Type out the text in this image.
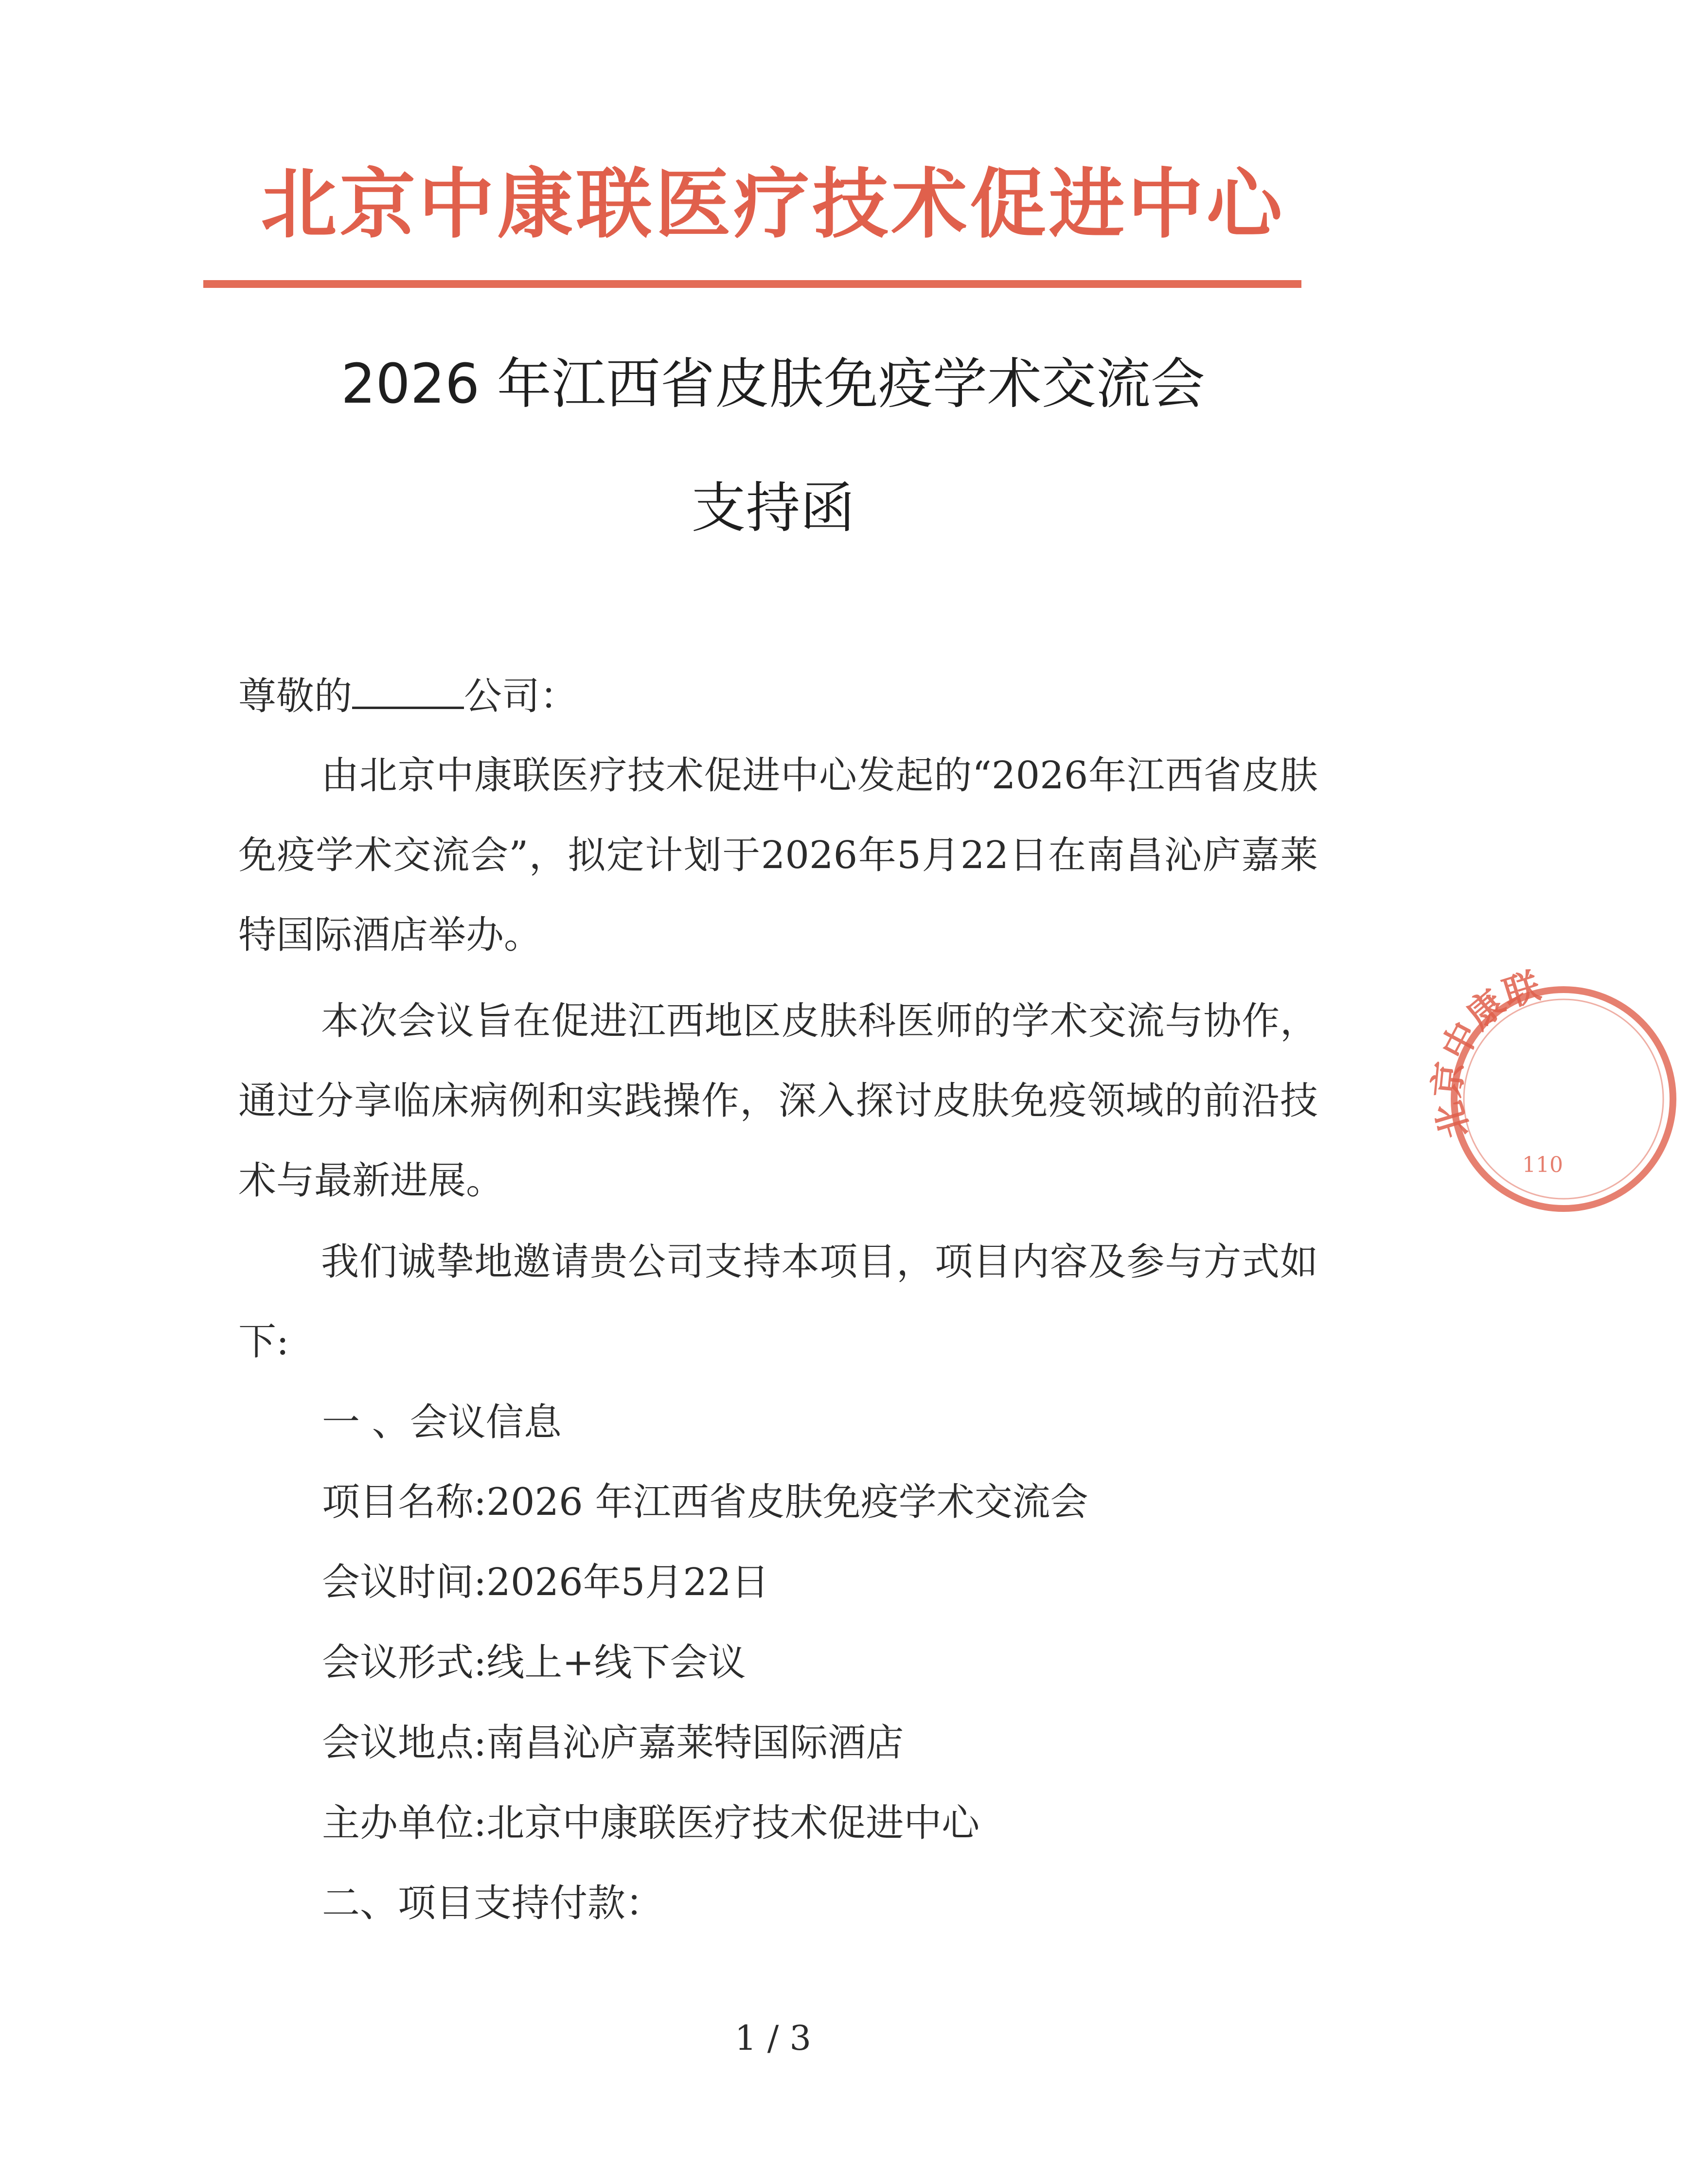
北京中康联医疗技术促进中心
2026 年江西省皮肤免疫学术交流会
支持函

尊敬的	公司：

由北京中康联医疗技术促进中心发起的“2026年江西省皮肤免疫学术交流会”，拟定计划于2026年5月22日在南昌沁庐嘉莱特国际酒店举办。

本次会议旨在促进江西地区皮肤科医师的学术交流与协作，通过分享临床病例和实践操作，深入探讨皮肤免疫领域的前沿技术与最新进展。

我们诚挚地邀请贵公司支持本项目，项目内容及参与方式如下:

一 、会议信息
项目名称:2026 年江西省皮肤免疫学术交流会
会议时间:2026年5月22日
会议形式:线上+线下会议
会议地点:南昌沁庐嘉莱特国际酒店
主办单位:北京中康联医疗技术促进中心
二、项目支持付款：
1 / 3
北京中康联
110
